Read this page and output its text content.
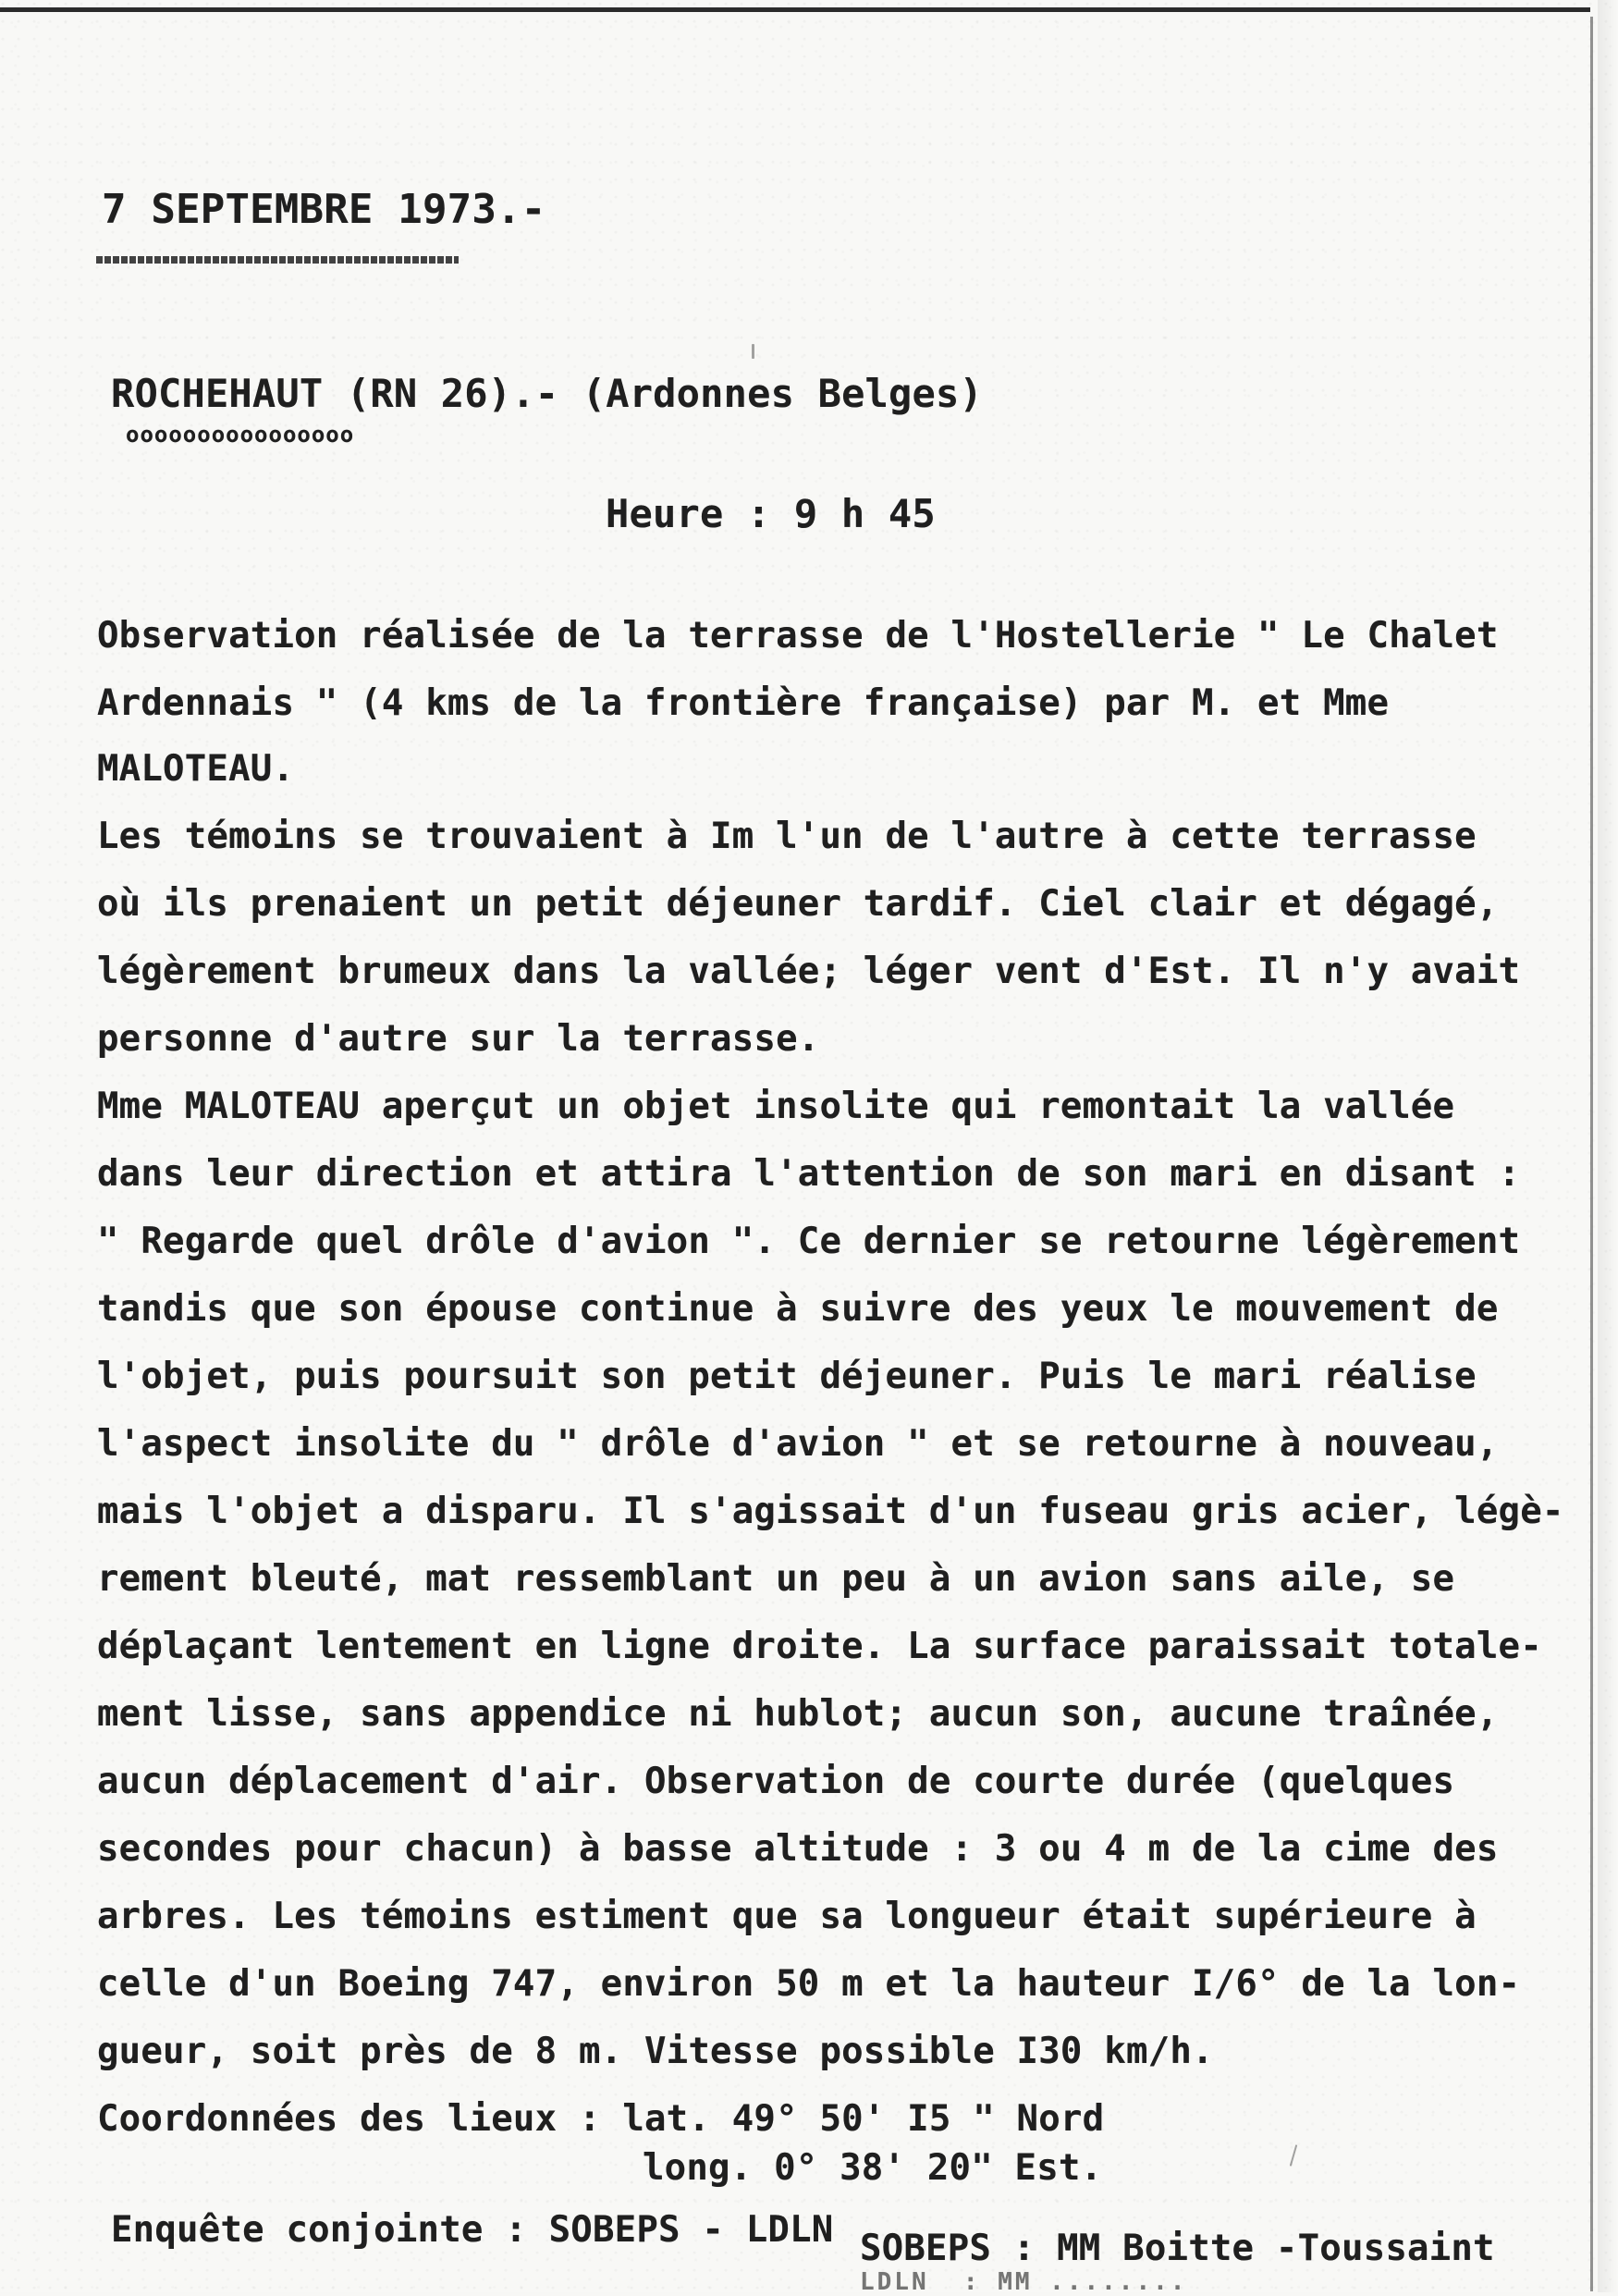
7 SEPTEMBRE 1973.-
ROCHEHAUT (RN 26).- (Ardonnes Belges)
oooooooooooooooo
Heure : 9 h 45
Observation réalisée de la terrasse de l'Hostellerie " Le Chalet
Ardennais " (4 kms de la frontière française) par M. et Mme
MALOTEAU.
Les témoins se trouvaient à Im l'un de l'autre à cette terrasse
où ils prenaient un petit déjeuner tardif. Ciel clair et dégagé,
légèrement brumeux dans la vallée; léger vent d'Est. Il n'y avait
personne d'autre sur la terrasse.
Mme MALOTEAU aperçut un objet insolite qui remontait la vallée
dans leur direction et attira l'attention de son mari en disant :
" Regarde quel drôle d'avion ". Ce dernier se retourne légèrement
tandis que son épouse continue à suivre des yeux le mouvement de
l'objet, puis poursuit son petit déjeuner. Puis le mari réalise
l'aspect insolite du " drôle d'avion " et se retourne à nouveau,
mais l'objet a disparu. Il s'agissait d'un fuseau gris acier, légè-
rement bleuté, mat ressemblant un peu à un avion sans aile, se
déplaçant lentement en ligne droite. La surface paraissait totale-
ment lisse, sans appendice ni hublot; aucun son, aucune traînée,
aucun déplacement d'air. Observation de courte durée (quelques
secondes pour chacun) à basse altitude : 3 ou 4 m de la cime des
arbres. Les témoins estiment que sa longueur était supérieure à
celle d'un Boeing 747, environ 50 m et la hauteur I/6° de la lon-
gueur, soit près de 8 m. Vitesse possible I30 km/h.
Coordonnées des lieux : lat. 49° 50' I5 " Nord
long. 0° 38' 20" Est.
Enquête conjointe : SOBEPS - LDLN SOBEPS : MM Boitte -Toussaint
LDLN  : MM ........
